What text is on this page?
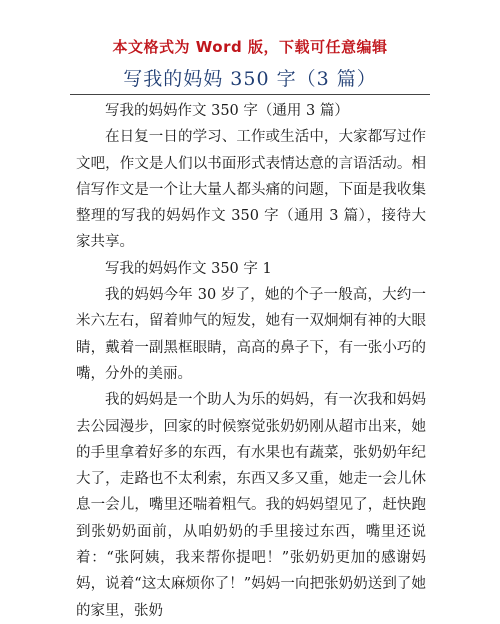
本文格式为 Word 版，下载可任意编辑
写我的妈妈 350 字（3 篇）

写我的妈妈作文 350 字（通用 3 篇）

在日复一日的学习、工作或生活中，大家都写过作文吧，作文是人们以书面形式表情达意的言语活动。相信写作文是一个让大量人都头痛的问题，下面是我收集整理的写我的妈妈作文 350 字（通用 3 篇），接待大家共享。

写我的妈妈作文 350 字 1

我的妈妈今年 30 岁了，她的个子一般高，大约一米六左右，留着帅气的短发，她有一双炯炯有神的大眼睛，戴着一副黑框眼睛，高高的鼻子下，有一张小巧的嘴，分外的美丽。

我的妈妈是一个助人为乐的妈妈，有一次我和妈妈去公园漫步，回家的时候察觉张奶奶刚从超市出来，她的手里拿着好多的东西，有水果也有蔬菜，张奶奶年纪大了，走路也不太利索，东西又多又重，她走一会儿休息一会儿，嘴里还喘着粗气。我的妈妈望见了，赶快跑到张奶奶面前，从咱奶奶的手里接过东西，嘴里还说着：“张阿姨，我来帮你提吧！”张奶奶更加的感谢妈妈，说着“这太麻烦你了！”妈妈一向把张奶奶送到了她的家里，张奶
